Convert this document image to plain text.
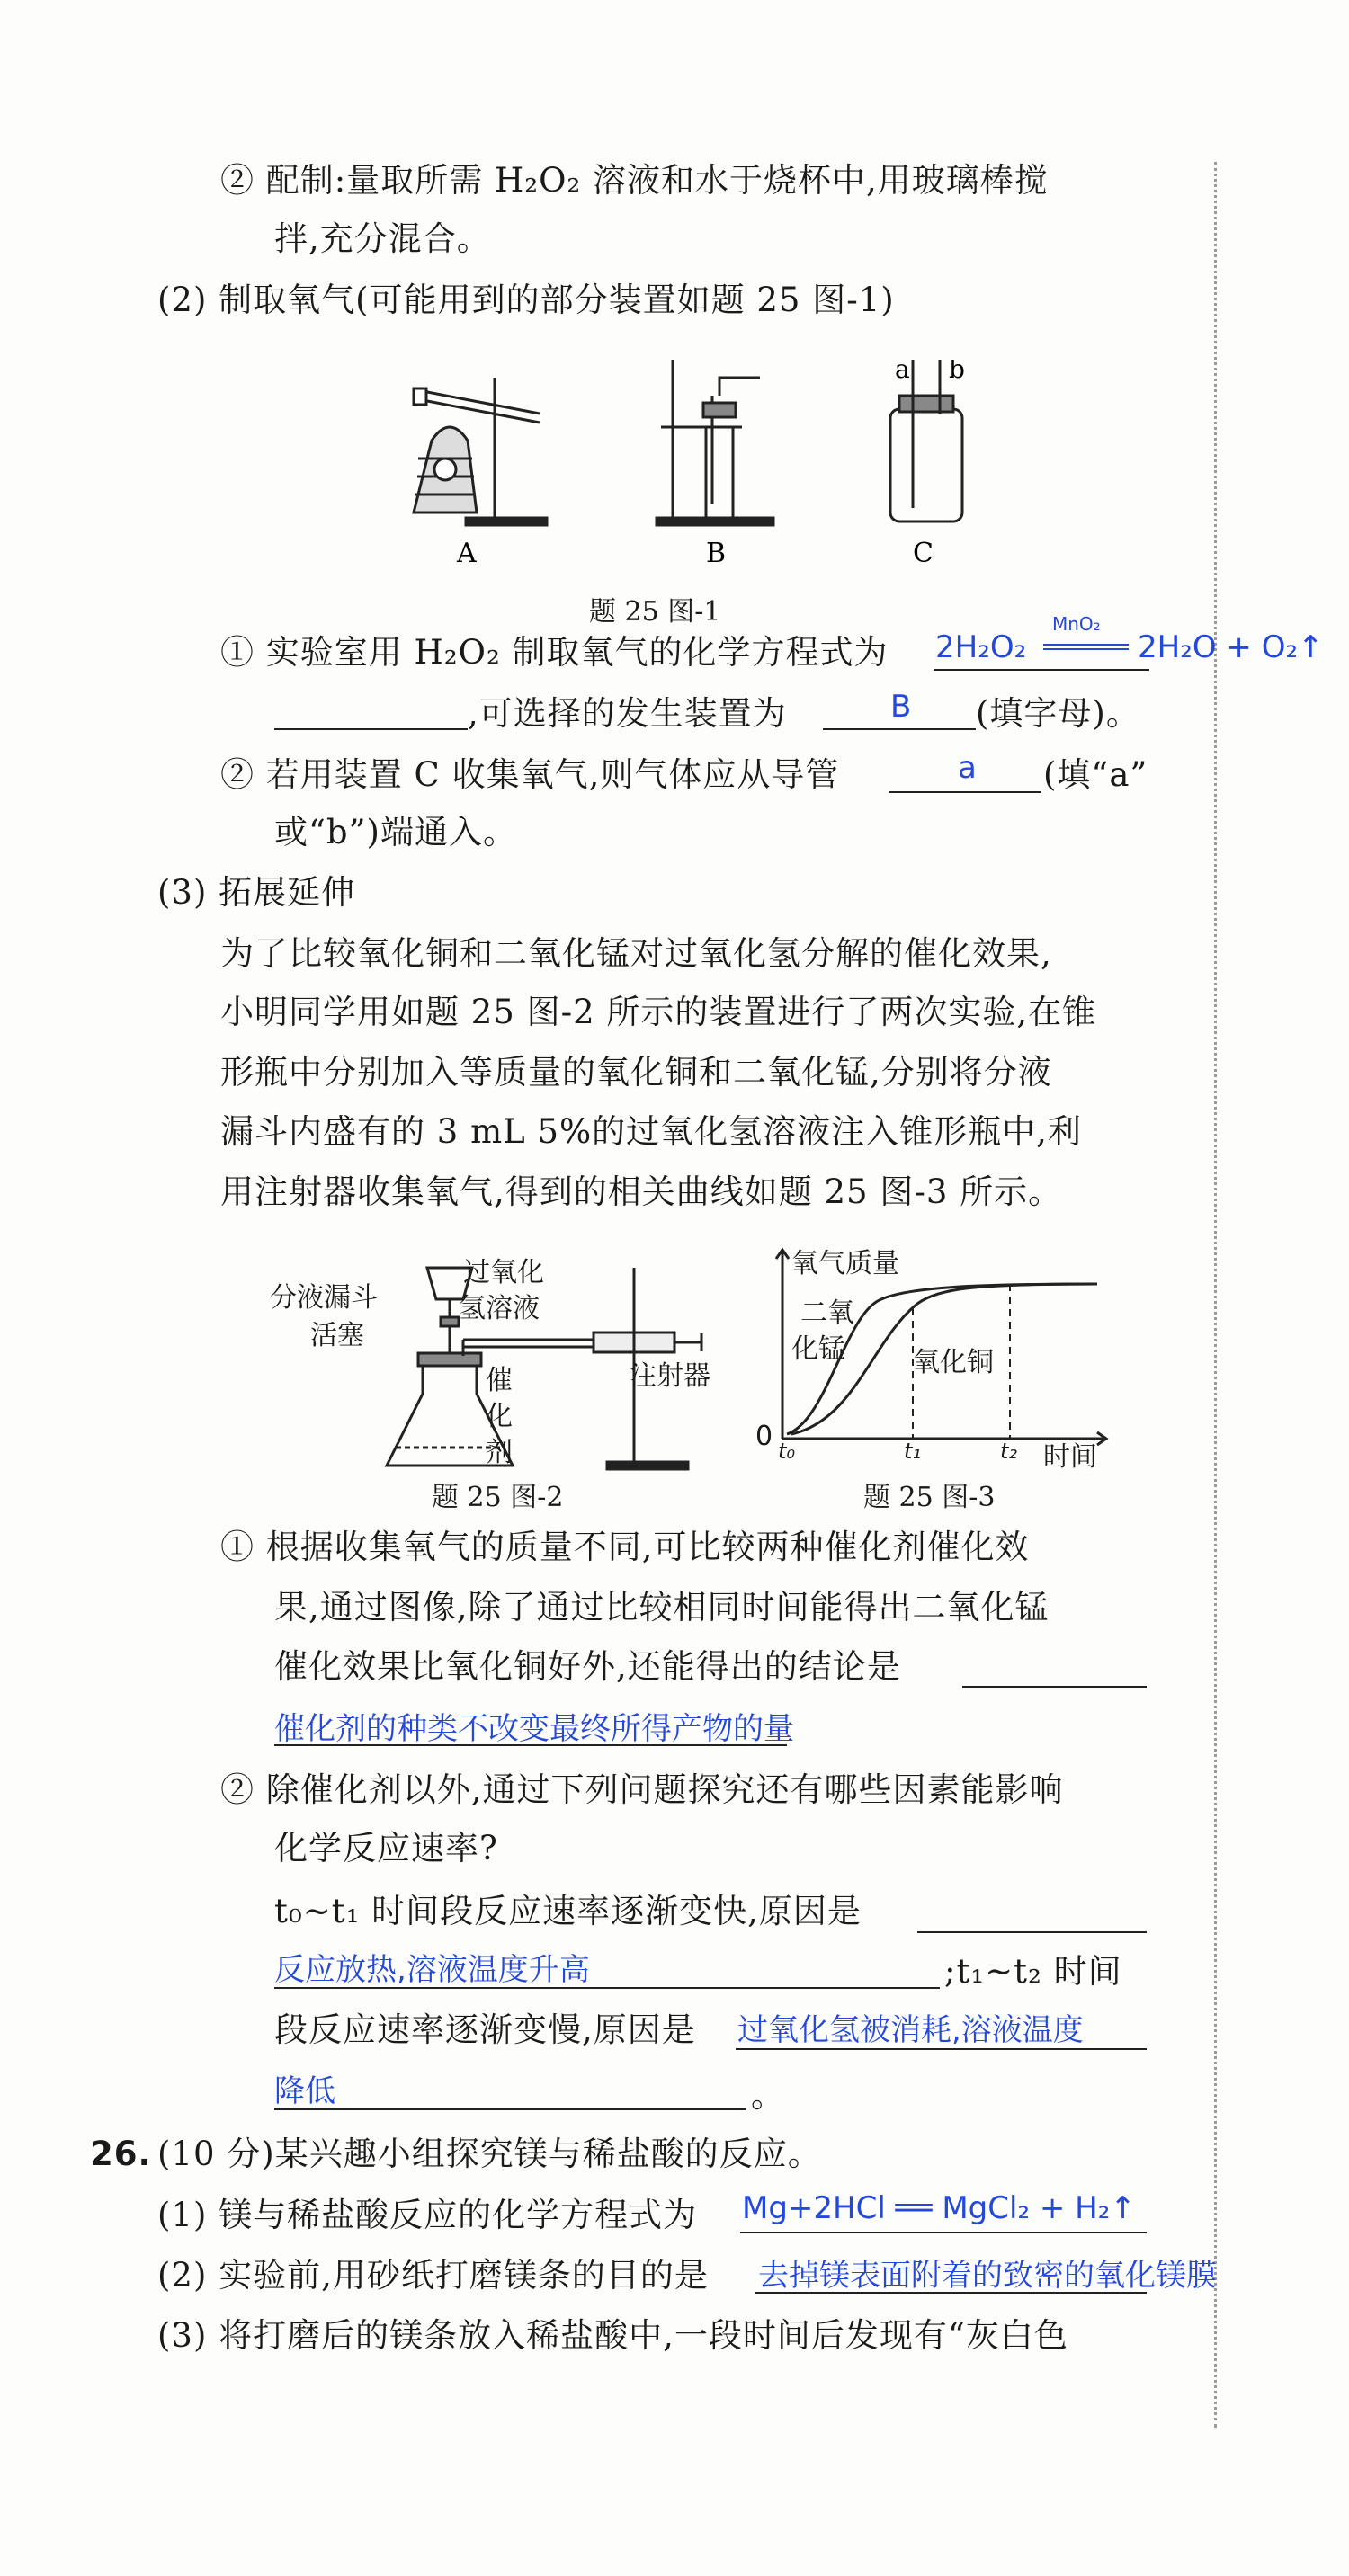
② 配制:量取所需 H₂O₂ 溶液和水于烧杯中,用玻璃棒搅
拌,充分混合。
(2) 制取氧气(可能用到的部分装置如题 25 图-1)
A	B
a b
C
题 25 图-1
① 实验室用 H₂O₂ 制取氧气的化学方程式为 2H₂O₂
MnO₂
2H₂O + O₂↑
,可选择的发生装置为	B (填字母)。
② 若用装置 C 收集氧气,则气体应从导管	a (填“a”
或“b”)端通入。
(3) 拓展延伸
为了比较氧化铜和二氧化锰对过氧化氢分解的催化效果,
小明同学用如题 25 图-2 所示的装置进行了两次实验,在锥
形瓶中分别加入等质量的氧化铜和二氧化锰,分别将分液
漏斗内盛有的 3 mL 5%的过氧化氢溶液注入锥形瓶中,利
用注射器收集氧气,得到的相关曲线如题 25 图-3 所示。
分液漏斗
活塞
过氧化
氢溶液
注射器
催
化
剂
题 25 图-2
氧气质量
二氧
化锰	氧化铜
0 t₀	t₁	t₂ 时间
题 25 图-3
① 根据收集氧气的质量不同,可比较两种催化剂催化效
果,通过图像,除了通过比较相同时间能得出二氧化锰
催化效果比氧化铜好外,还能得出的结论是
催化剂的种类不改变最终所得产物的量
② 除催化剂以外,通过下列问题探究还有哪些因素能影响
化学反应速率?
t₀~t₁ 时间段反应速率逐渐变快,原因是
反应放热,溶液温度升高	;t₁~t₂ 时间
段反应速率逐渐变慢,原因是 过氧化氢被消耗,溶液温度
降低	。
26. (10 分)某兴趣小组探究镁与稀盐酸的反应。
(1) 镁与稀盐酸反应的化学方程式为 Mg+2HCl ══ MgCl₂ + H₂↑
(2) 实验前,用砂纸打磨镁条的目的是 去掉镁表面附着的致密的氧化镁膜
(3) 将打磨后的镁条放入稀盐酸中,一段时间后发现有“灰白色
